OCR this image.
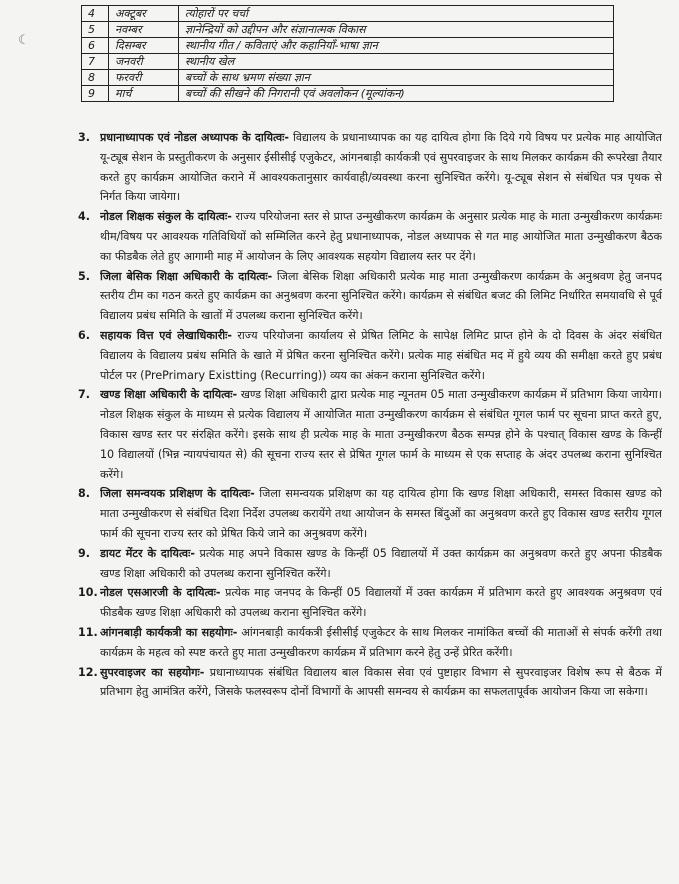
☾
4	अक्टूबर	त्योहारों पर चर्चा
5	नवम्बर	ज्ञानेन्द्रियों को उद्दीपन और संज्ञानात्मक विकास
6	दिसम्बर	स्थानीय गीत / कविताएं और कहानियाँ-भाषा ज्ञान
7	जनवरी	स्थानीय खेल
8	फरवरी	बच्चों के साथ भ्रमण संख्या ज्ञान
9	मार्च	बच्चों की सीखने की निगरानी एवं अवलोकन (मूल्यांकन)
3. प्रधानाध्यापक एवं नोडल अध्यापक के दायित्वः- विद्यालय के प्रधानाध्यापक का यह दायित्व होगा कि दिये गये विषय पर प्रत्येक माह आयोजित यू-ट्यूब सेशन के प्रस्तुतीकरण के अनुसार ईसीसीई एजुकेटर, आंगनबाड़ी कार्यकत्री एवं सुपरवाइजर के साथ मिलकर कार्यक्रम की रूपरेखा तैयार करते हुए कार्यक्रम आयोजित कराने में आवश्यकतानुसार कार्यवाही/व्यवस्था करना सुनिश्चित करेंगे। यू-ट्यूब सेशन से संबंधित पत्र पृथक से निर्गत किया जायेगा।
4. नोडल शिक्षक संकुल के दायित्वः- राज्य परियोजना स्तर से प्राप्त उन्मुखीकरण कार्यक्रम के अनुसार प्रत्येक माह के माता उन्मुखीकरण कार्यक्रमः थीम/विषय पर आवश्यक गतिविधियों को सम्मिलित करने हेतु प्रधानाध्यापक, नोडल अध्यापक से गत माह आयोजित माता उन्मुखीकरण बैठक का फीडबैक लेते हुए आगामी माह में आयोजन के लिए आवश्यक सहयोग विद्यालय स्तर पर देंगे।
5. जिला बेसिक शिक्षा अधिकारी के दायित्वः- जिला बेसिक शिक्षा अधिकारी प्रत्येक माह माता उन्मुखीकरण कार्यक्रम के अनुश्रवण हेतु जनपद स्तरीय टीम का गठन करते हुए कार्यक्रम का अनुश्रवण करना सुनिश्चित करेंगे। कार्यक्रम से संबंधित बजट की लिमिट निर्धारित समयावधि से पूर्व विद्यालय प्रबंध समिति के खातों में उपलब्ध कराना सुनिश्चित करेंगे।
6. सहायक वित्त एवं लेखाधिकारीः- राज्य परियोजना कार्यालय से प्रेषित लिमिट के सापेक्ष लिमिट प्राप्त होने के दो दिवस के अंदर संबंधित विद्यालय के विद्यालय प्रबंध समिति के खाते में प्रेषित करना सुनिश्चित करेंगे। प्रत्येक माह संबंधित मद में हुये व्यय की समीक्षा करते हुए प्रबंध पोर्टल पर (PrePrimary Existting (Recurring)) व्यय का अंकन कराना सुनिश्चित करेंगे।
7. खण्ड शिक्षा अधिकारी के दायित्वः- खण्ड शिक्षा अधिकारी द्वारा प्रत्येक माह न्यूनतम 05 माता उन्मुखीकरण कार्यक्रम में प्रतिभाग किया जायेगा। नोडल शिक्षक संकुल के माध्यम से प्रत्येक विद्यालय में आयोजित माता उन्मुखीकरण कार्यक्रम से संबंधित गूगल फार्म पर सूचना प्राप्त करते हुए, विकास खण्ड स्तर पर संरक्षित करेंगे। इसके साथ ही प्रत्येक माह के माता उन्मुखीकरण बैठक सम्पन्न होने के पश्चात् विकास खण्ड के किन्हीं 10 विद्यालयों (भिन्न न्यायपंचायत से) की सूचना राज्य स्तर से प्रेषित गूगल फार्म के माध्यम से एक सप्ताह के अंदर उपलब्ध कराना सुनिश्चित करेंगे।
8. जिला समन्वयक प्रशिक्षण के दायित्वः- जिला समन्वयक प्रशिक्षण का यह दायित्व होगा कि खण्ड शिक्षा अधिकारी, समस्त विकास खण्ड को माता उन्मुखीकरण से संबंधित दिशा निर्देश उपलब्ध करायेंगे तथा आयोजन के समस्त बिंदुओं का अनुश्रवण करते हुए विकास खण्ड स्तरीय गूगल फार्म की सूचना राज्य स्तर को प्रेषित किये जाने का अनुश्रवण करेंगे।
9. डायट मेंटर के दायित्वः- प्रत्येक माह अपने विकास खण्ड के किन्हीं 05 विद्यालयों में उक्त कार्यक्रम का अनुश्रवण करते हुए अपना फीडबैक खण्ड शिक्षा अधिकारी को उपलब्ध कराना सुनिश्चित करेंगे।
10. नोडल एसआरजी के दायित्वः- प्रत्येक माह जनपद के किन्हीं 05 विद्यालयों में उक्त कार्यक्रम में प्रतिभाग करते हुए आवश्यक अनुश्रवण एवं फीडबैक खण्ड शिक्षा अधिकारी को उपलब्ध कराना सुनिश्चित करेंगे।
11. आंगनबाड़ी कार्यकत्री का सहयोगः- आंगनबाड़ी कार्यकत्री ईसीसीई एजुकेटर के साथ मिलकर नामांकित बच्चों की माताओं से संपर्क करेंगी तथा कार्यक्रम के महत्व को स्पष्ट करते हुए माता उन्मुखीकरण कार्यक्रम में प्रतिभाग करने हेतु उन्हें प्रेरित करेंगी।
12. सुपरवाइजर का सहयोगः- प्रधानाध्यापक संबंधित विद्यालय बाल विकास सेवा एवं पुष्टाहार विभाग से सुपरवाइजर विशेष रूप से बैठक में प्रतिभाग हेतु आमंत्रित करेंगे, जिसके फलस्वरूप दोनों विभागों के आपसी समन्वय से कार्यक्रम का सफलतापूर्वक आयोजन किया जा सकेगा।
